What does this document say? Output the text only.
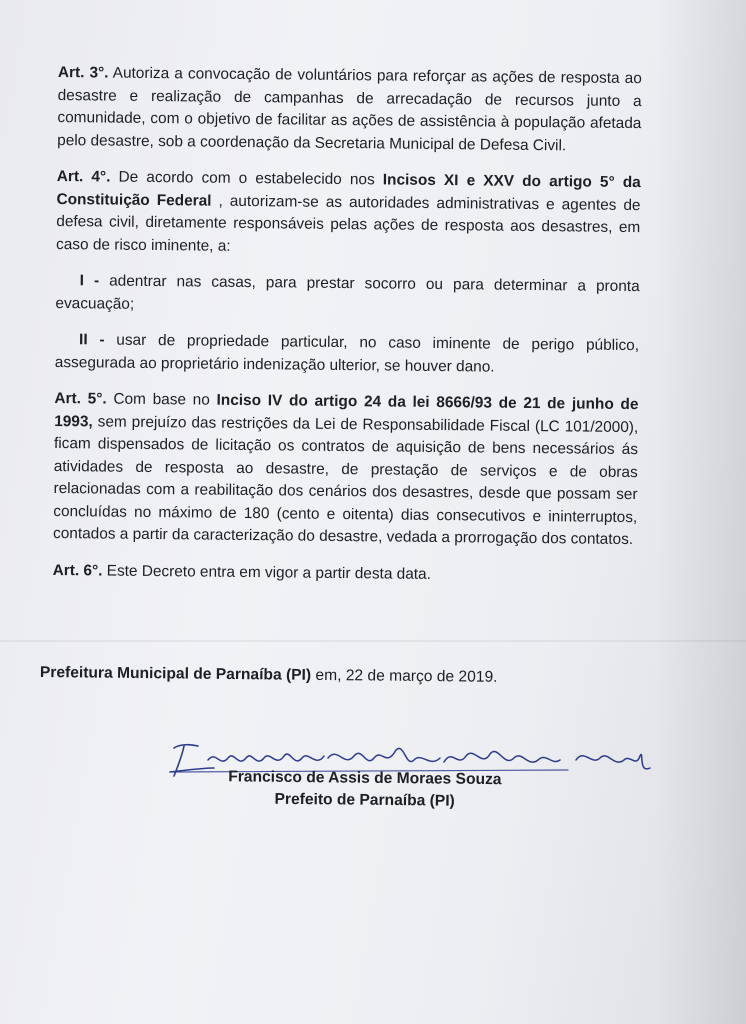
Art. 3°. Autoriza a convocação de voluntários para reforçar as ações de resposta ao desastre e realização de campanhas de arrecadação de recursos junto a comunidade, com o objetivo de facilitar as ações de assistência à população afetada pelo desastre, sob a coordenação da Secretaria Municipal de Defesa Civil.

Art. 4°. De acordo com o estabelecido nos Incisos XI e XXV do artigo 5° da Constituição Federal , autorizam-se as autoridades administrativas e agentes de defesa civil, diretamente responsáveis pelas ações de resposta aos desastres, em caso de risco iminente, a:

I - adentrar nas casas, para prestar socorro ou para determinar a pronta evacuação;

II - usar de propriedade particular, no caso iminente de perigo público, assegurada ao proprietário indenização ulterior, se houver dano.

Art. 5°. Com base no Inciso IV do artigo 24 da lei 8666/93 de 21 de junho de 1993, sem prejuízo das restrições da Lei de Responsabilidade Fiscal (LC 101/2000), ficam dispensados de licitação os contratos de aquisição de bens necessários ás atividades de resposta ao desastre, de prestação de serviços e de obras relacionadas com a reabilitação dos cenários dos desastres, desde que possam ser concluídas no máximo de 180 (cento e oitenta) dias consecutivos e ininterruptos, contados a partir da caracterização do desastre, vedada a prorrogação dos contatos.

Art. 6°. Este Decreto entra em vigor a partir desta data.

Prefeitura Municipal de Parnaíba (PI) em, 22 de março de 2019.
Francisco de Assis de Moraes Souza
Prefeito de Parnaíba (PI)
